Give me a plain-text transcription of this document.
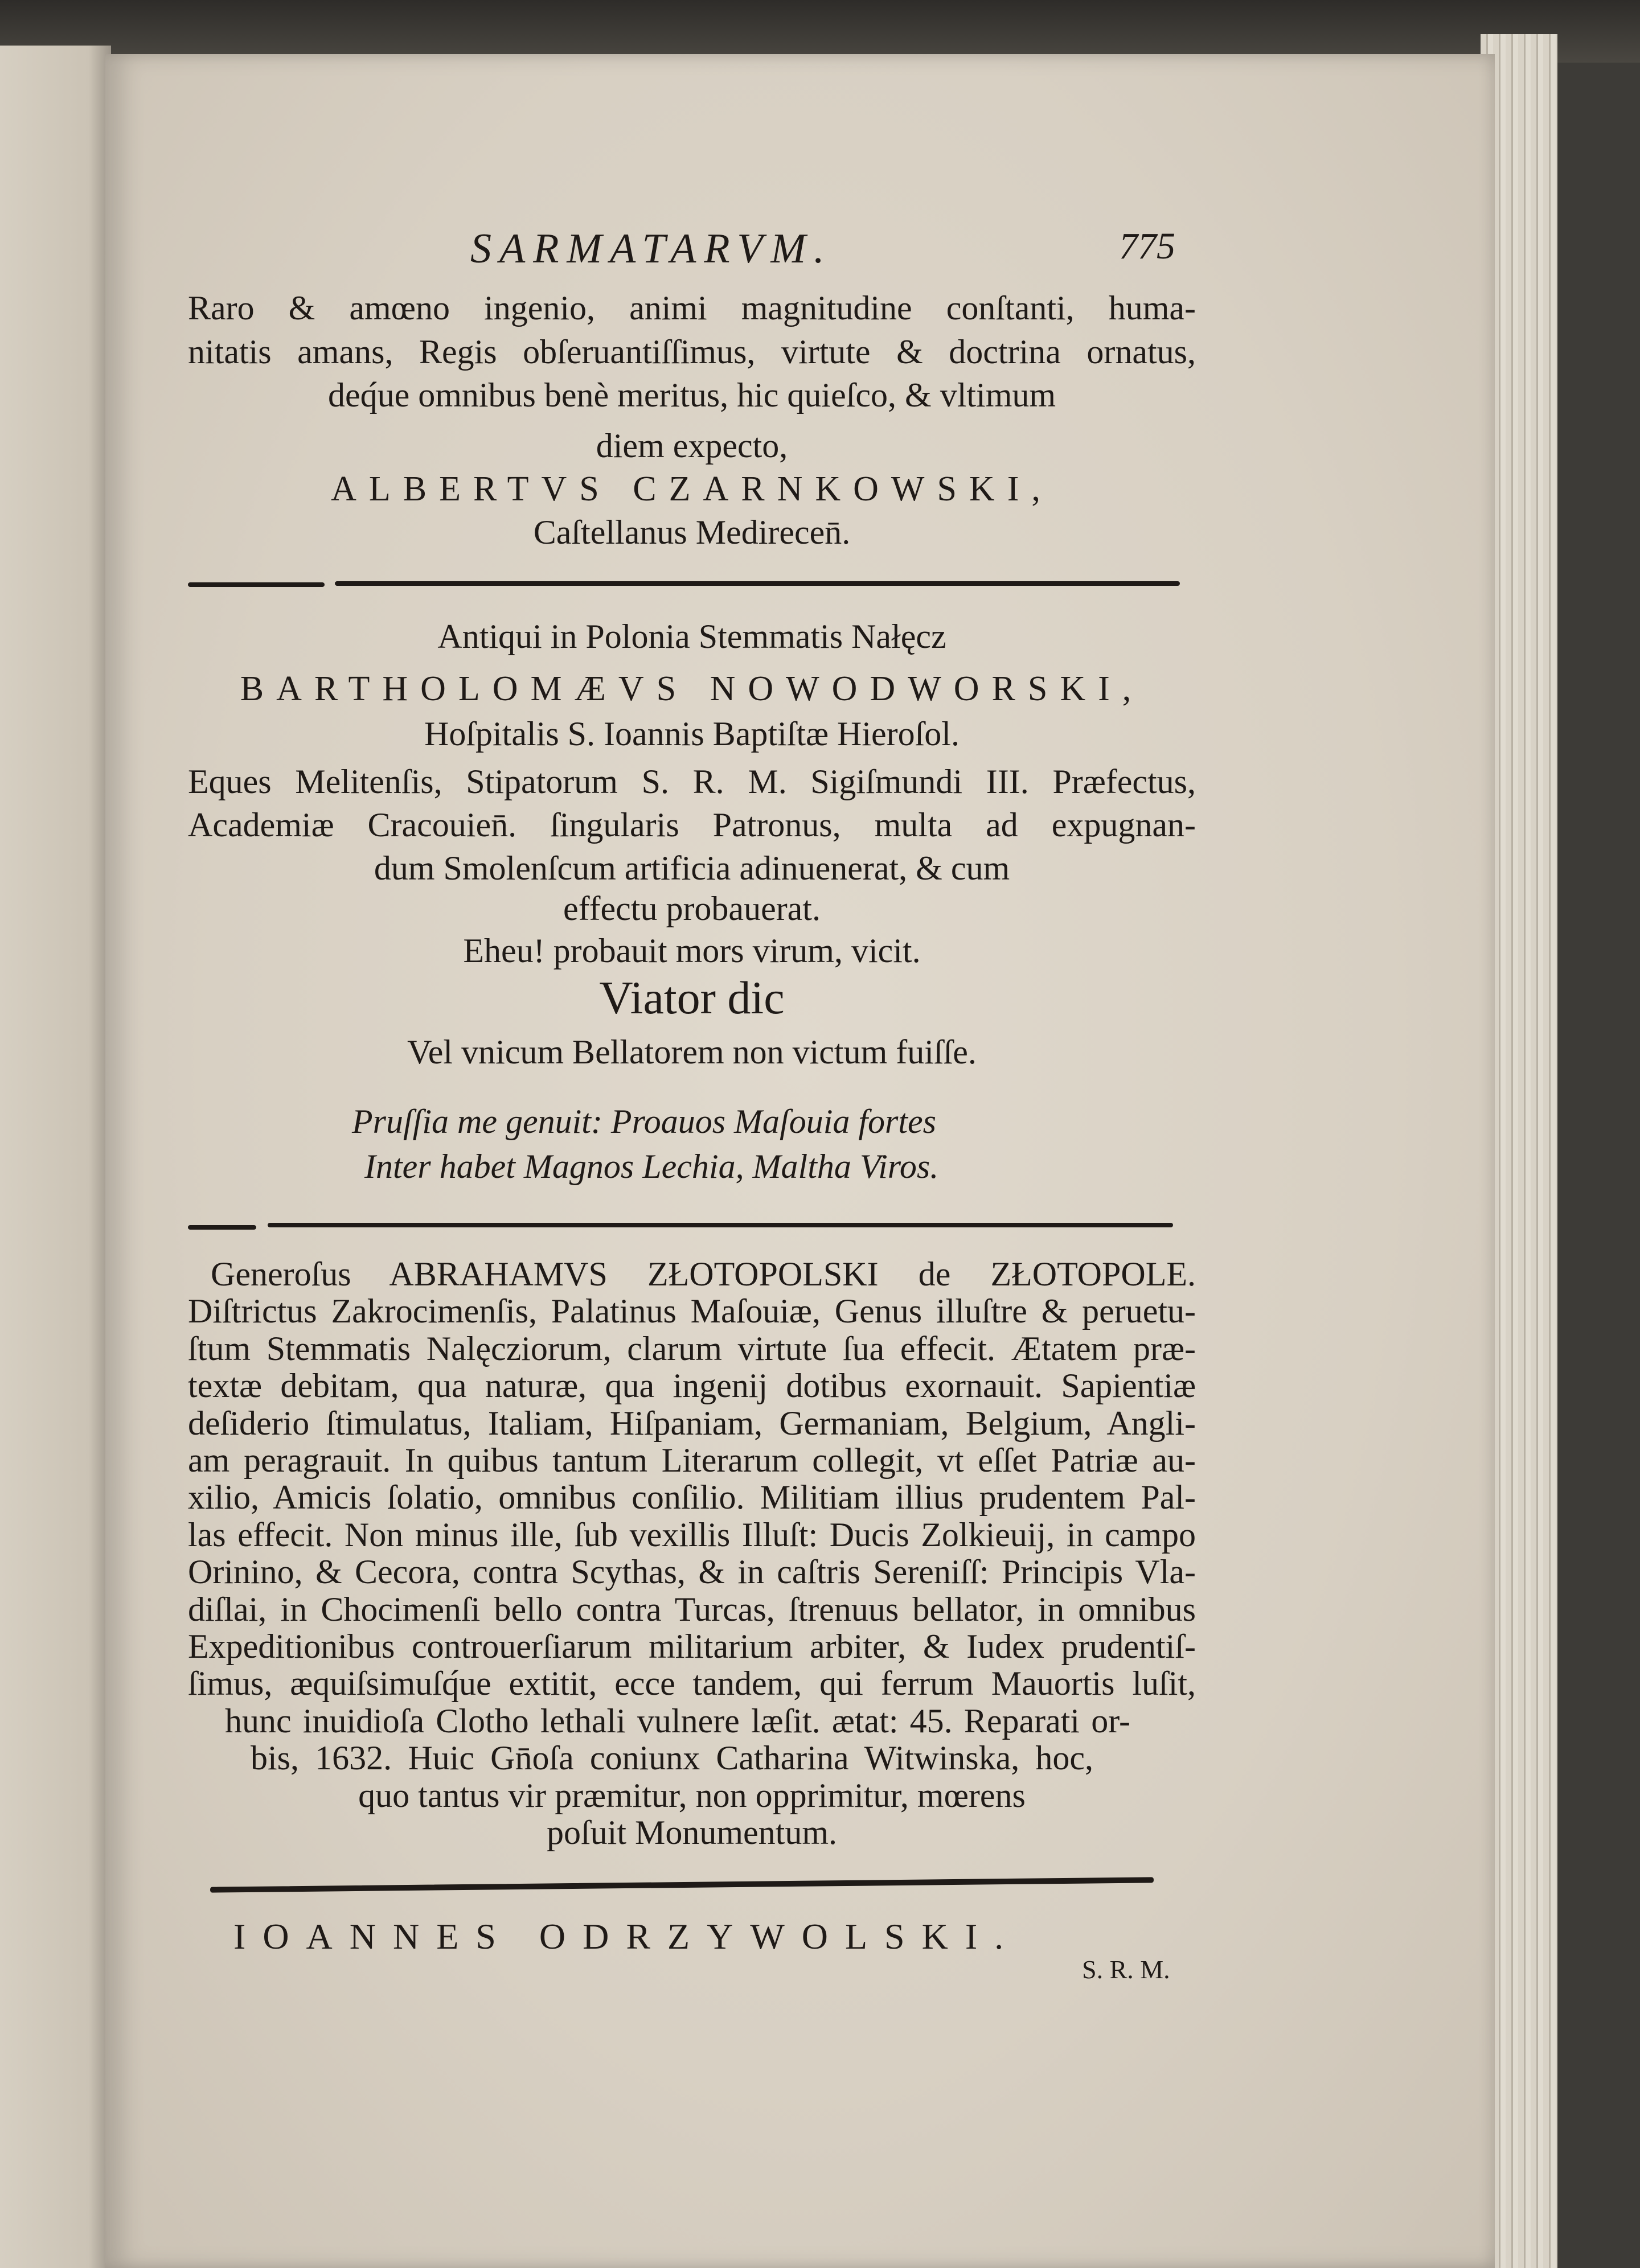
SARMATARVM.	775
Raro & amœno ingenio, animi magnitudine conſtanti, huma-
nitatis amans, Regis obſeruantiſſimus, virtute & doctrina ornatus,
deq́ue omnibus benè meritus, hic quieſco, & vltimum
diem expecto,
ALBERTVS CZARNKOWSKI,
Caſtellanus Medirecen̄.
Antiqui in Polonia Stemmatis Nałęcz
BARTHOLOMÆVS NOWODWORSKI,
Hoſpitalis S. Ioannis Baptiſtæ Hieroſol.
Eques Melitenſis, Stipatorum S. R. M. Sigiſmundi III. Præfectus,
Academiæ Cracouien̄. ſingularis Patronus, multa ad expugnan-
dum Smolenſcum artificia adinuenerat, & cum
effectu probauerat.
Eheu! probauit mors virum, vicit.
Viator dic
Vel vnicum Bellatorem non victum fuiſſe.
Pruſſia me genuit: Proauos Maſouia fortes
Inter habet Magnos Lechia, Maltha Viros.
Generoſus ABRAHAMVS ZŁOTOPOLSKI de ZŁOTOPOLE.
Diſtrictus Zakrocimenſis, Palatinus Maſouiæ, Genus illuſtre & peruetu-
ſtum Stemmatis Nalęcziorum, clarum virtute ſua effecit. Ætatem præ-
textæ debitam, qua naturæ, qua ingenij dotibus exornauit. Sapientiæ
deſiderio ſtimulatus, Italiam, Hiſpaniam, Germaniam, Belgium, Angli-
am peragrauit. In quibus tantum Literarum collegit, vt eſſet Patriæ au-
xilio, Amicis ſolatio, omnibus conſilio. Militiam illius prudentem Pal-
las effecit. Non minus ille, ſub vexillis Illuſt: Ducis Zolkieuij, in campo
Orinino, & Cecora, contra Scythas, & in caſtris Sereniſſ: Principis Vla-
diſlai, in Chocimenſi bello contra Turcas, ſtrenuus bellator, in omnibus
Expeditionibus controuerſiarum militarium arbiter, & Iudex prudentiſ-
ſimus, æquiſsimuſq́ue extitit, ecce tandem, qui ferrum Mauortis luſit,
hunc inuidioſa Clotho lethali vulnere læſit. ætat: 45. Reparati or-
bis, 1632. Huic Gn̄oſa coniunx Catharina Witwinska, hoc,
quo tantus vir præmitur, non opprimitur, mœrens
poſuit Monumentum.
IOANNES ODRZYWOLSKI.
S. R. M.
